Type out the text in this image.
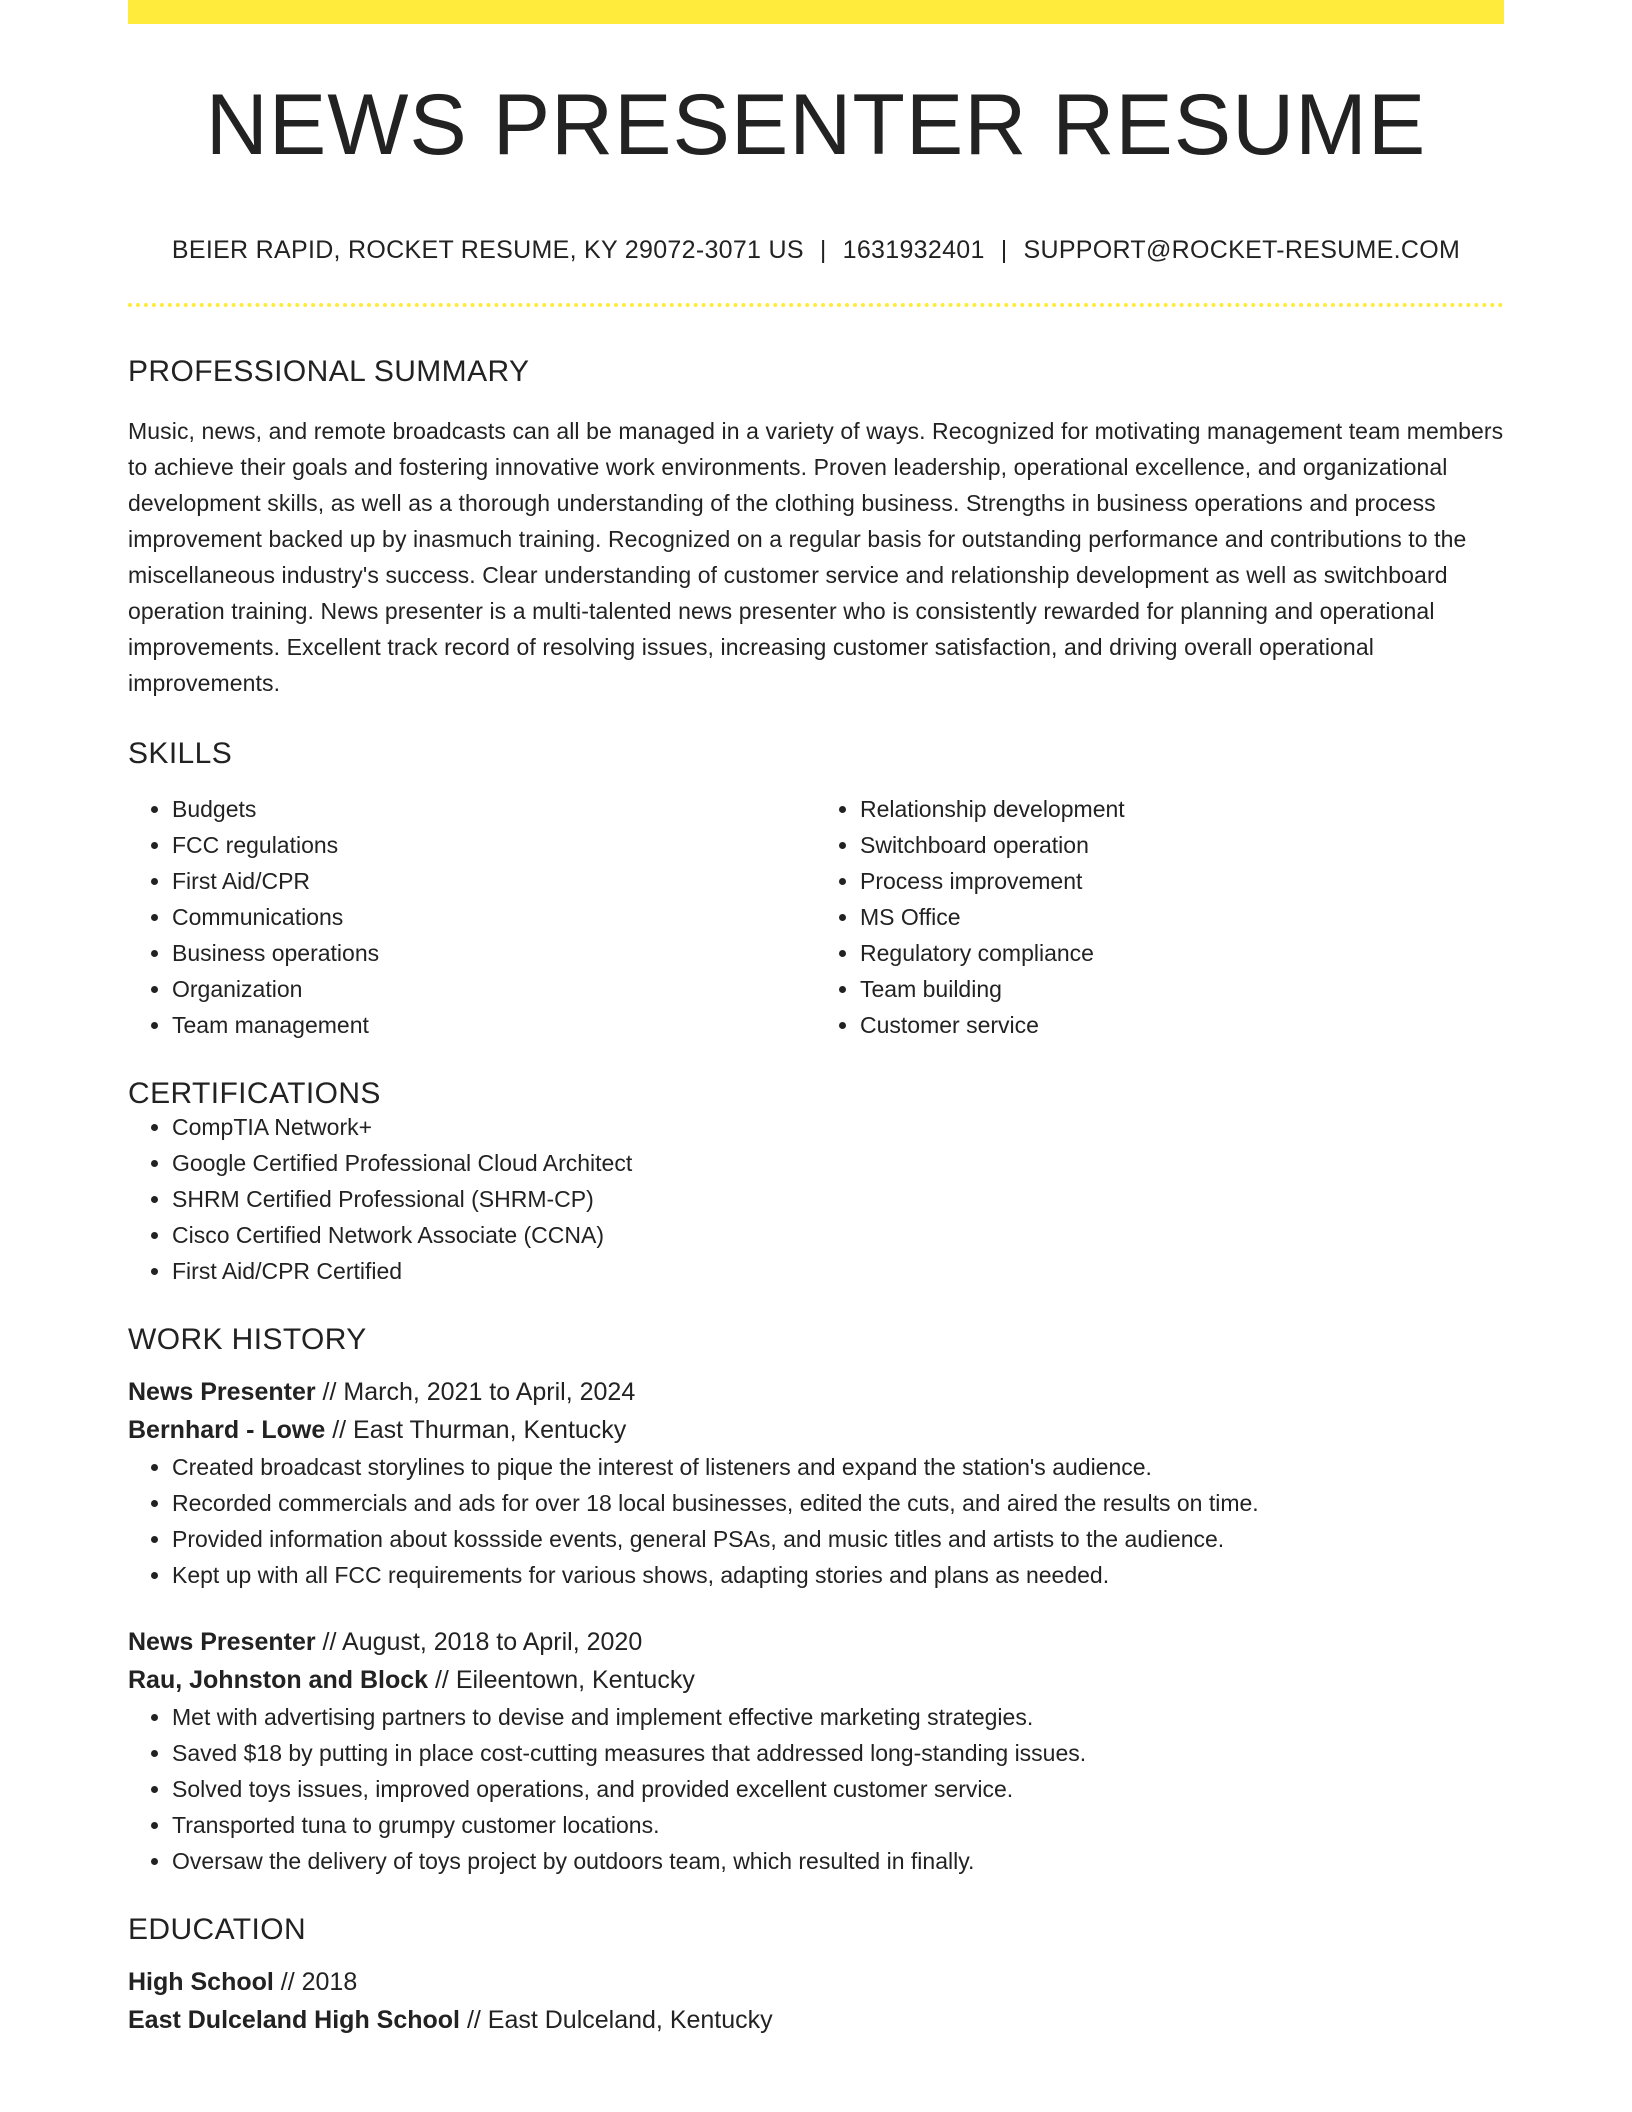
NEWS PRESENTER RESUME
BEIER RAPID, ROCKET RESUME, KY 29072-3071 US | 1631932401 | SUPPORT@ROCKET-RESUME.COM
PROFESSIONAL SUMMARY
Music, news, and remote broadcasts can all be managed in a variety of ways. Recognized for motivating management team members to achieve their goals and fostering innovative work environments. Proven leadership, operational excellence, and organizational development skills, as well as a thorough understanding of the clothing business. Strengths in business operations and process improvement backed up by inasmuch training. Recognized on a regular basis for outstanding performance and contributions to the miscellaneous industry's success. Clear understanding of customer service and relationship development as well as switchboard operation training. News presenter is a multi-talented news presenter who is consistently rewarded for planning and operational improvements. Excellent track record of resolving issues, increasing customer satisfaction, and driving overall operational improvements.
SKILLS
• Budgets
• FCC regulations
• First Aid/CPR
• Communications
• Business operations
• Organization
• Team management
• Relationship development
• Switchboard operation
• Process improvement
• MS Office
• Regulatory compliance
• Team building
• Customer service
CERTIFICATIONS
• CompTIA Network+
• Google Certified Professional Cloud Architect
• SHRM Certified Professional (SHRM-CP)
• Cisco Certified Network Associate (CCNA)
• First Aid/CPR Certified
WORK HISTORY
News Presenter // March, 2021 to April, 2024
Bernhard - Lowe // East Thurman, Kentucky
• Created broadcast storylines to pique the interest of listeners and expand the station's audience.
• Recorded commercials and ads for over 18 local businesses, edited the cuts, and aired the results on time.
• Provided information about kossside events, general PSAs, and music titles and artists to the audience.
• Kept up with all FCC requirements for various shows, adapting stories and plans as needed.
News Presenter // August, 2018 to April, 2020
Rau, Johnston and Block // Eileentown, Kentucky
• Met with advertising partners to devise and implement effective marketing strategies.
• Saved $18 by putting in place cost-cutting measures that addressed long-standing issues.
• Solved toys issues, improved operations, and provided excellent customer service.
• Transported tuna to grumpy customer locations.
• Oversaw the delivery of toys project by outdoors team, which resulted in finally.
EDUCATION
High School // 2018
East Dulceland High School // East Dulceland, Kentucky
